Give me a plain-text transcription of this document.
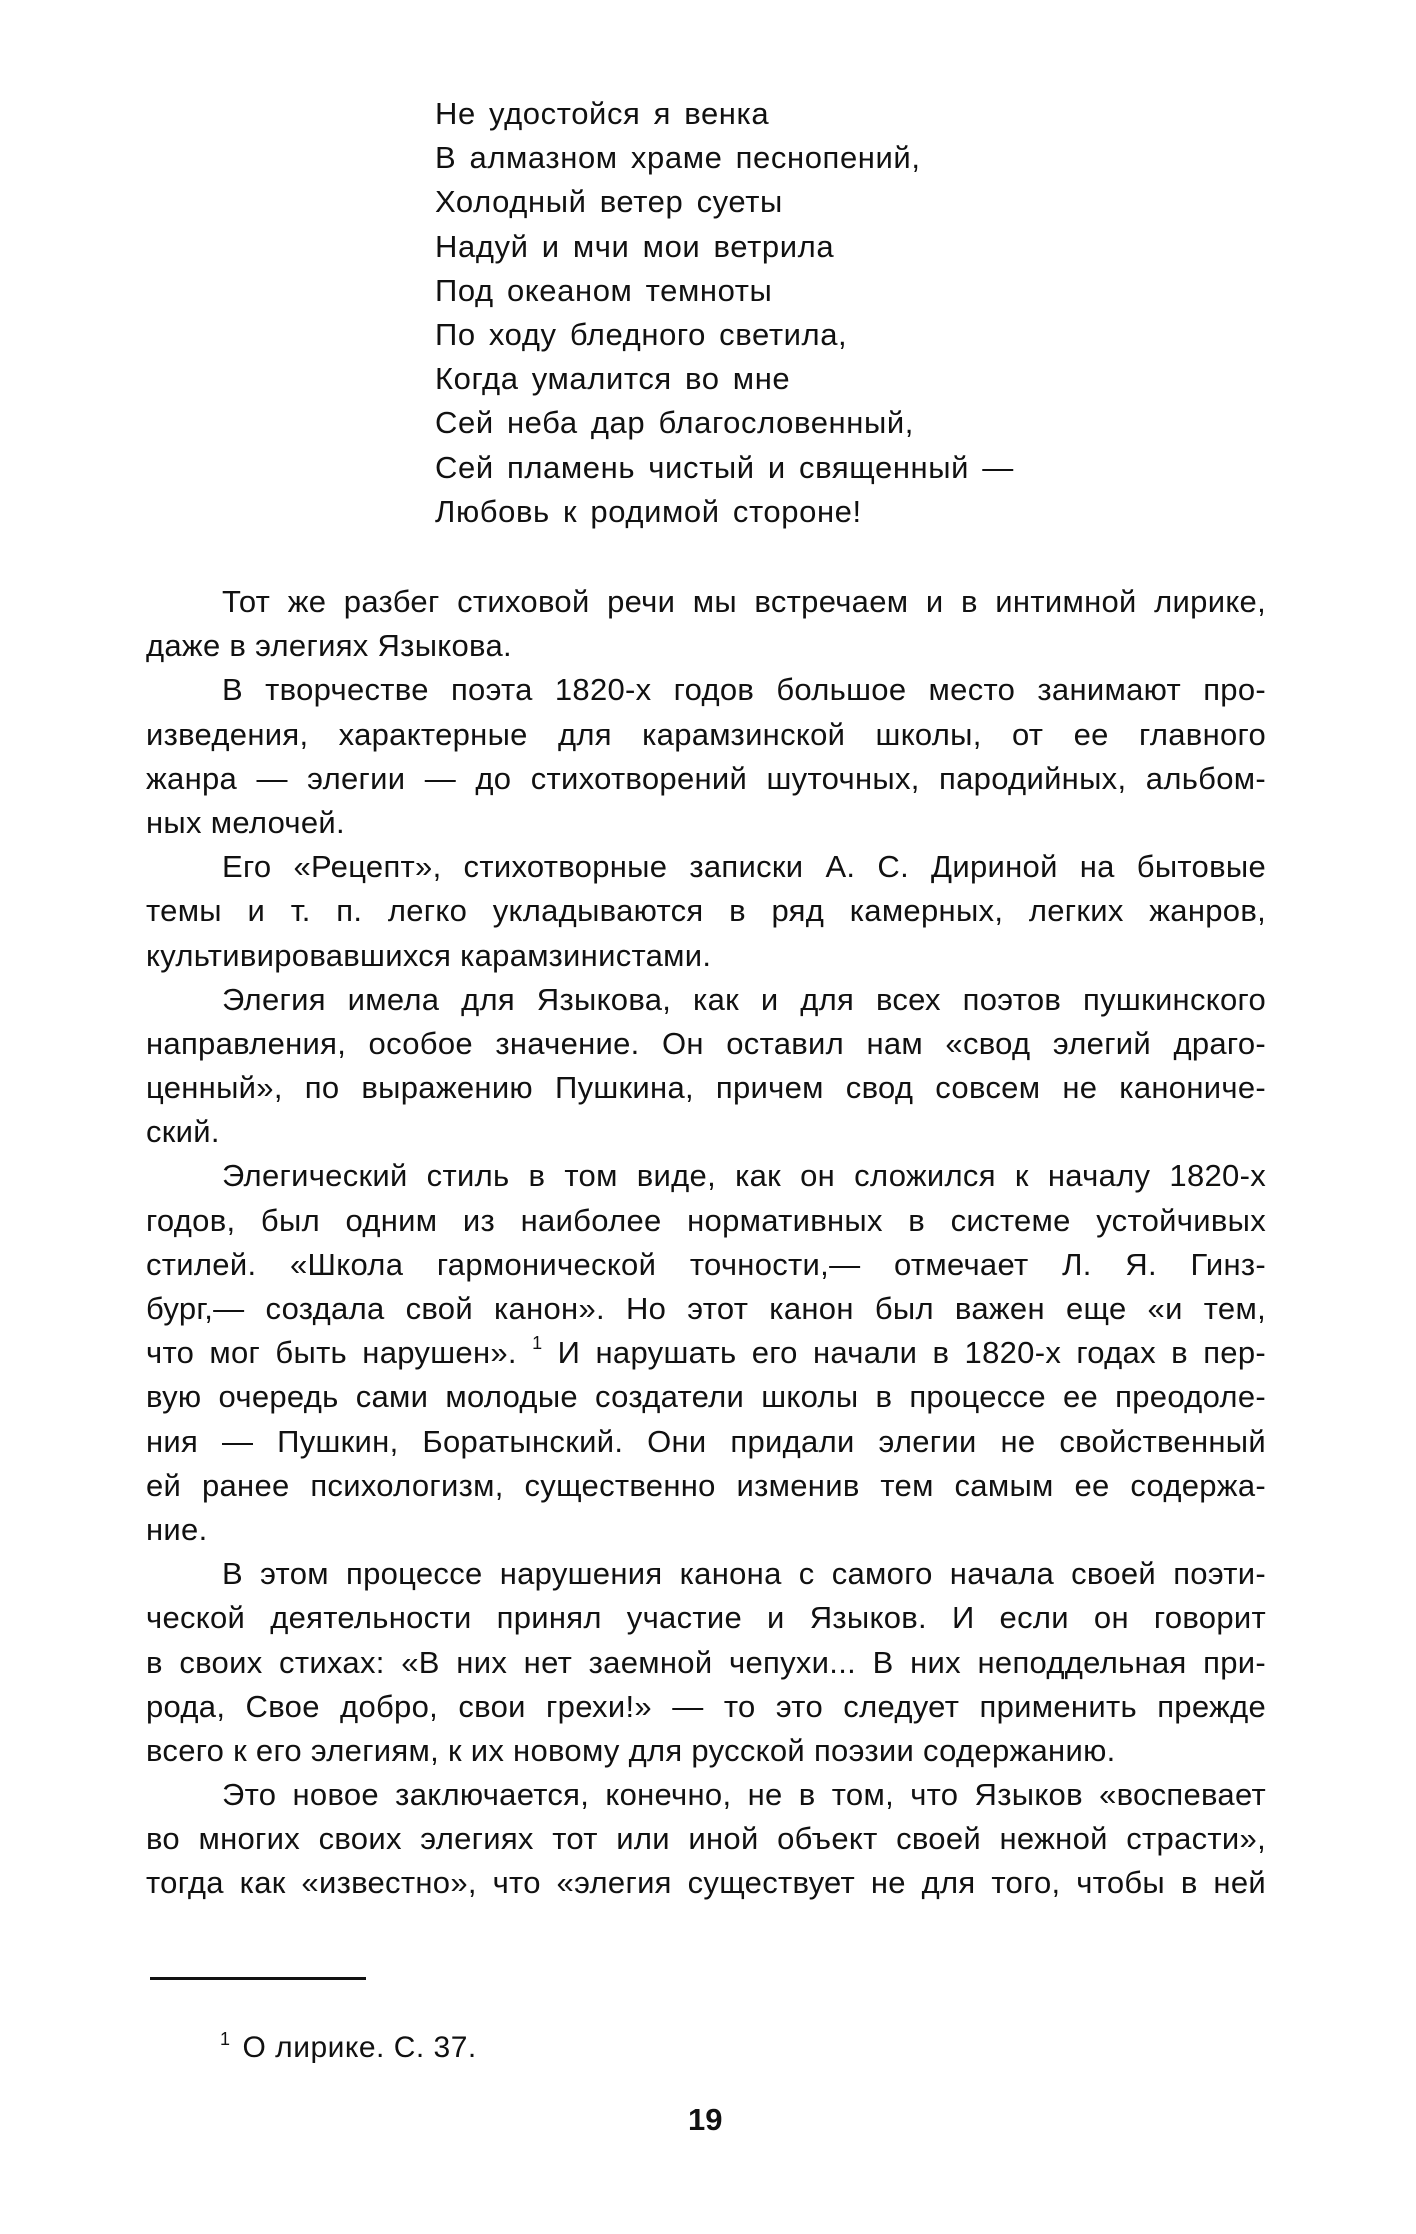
Не удостойся я венка
В алмазном храме песнопений,
Холодный ветер суеты
Надуй и мчи мои ветрила
Под океаном темноты
По ходу бледного светила,
Когда умалится во мне
Сей неба дар благословенный,
Сей пламень чистый и священный —
Любовь к родимой стороне!
Тот же разбег стиховой речи мы встречаем и в интимной лирике,
даже в элегиях Языкова.
В творчестве поэта 1820-х годов большое место занимают про-
изведения, характерные для карамзинской школы, от ее главного
жанра — элегии — до стихотворений шуточных, пародийных, альбом-
ных мелочей.
Его «Рецепт», стихотворные записки А. С. Дириной на бытовые
темы и т. п. легко укладываются в ряд камерных, легких жанров,
культивировавшихся карамзинистами.
Элегия имела для Языкова, как и для всех поэтов пушкинского
направления, особое значение. Он оставил нам «свод элегий драго-
ценный», по выражению Пушкина, причем свод совсем не канониче-
ский.
Элегический стиль в том виде, как он сложился к началу 1820-х
годов, был одним из наиболее нормативных в системе устойчивых
стилей. «Школа гармонической точности,— отмечает Л. Я. Гинз-
бург,— создала свой канон». Но этот канон был важен еще «и тем,
что мог быть нарушен». $^1$ И нарушать его начали в 1820-х годах в пер-
вую очередь сами молодые создатели школы в процессе ее преодоле-
ния — Пушкин, Боратынский. Они придали элегии не свойственный
ей ранее психологизм, существенно изменив тем самым ее содержа-
ние.
В этом процессе нарушения канона с самого начала своей поэти-
ческой деятельности принял участие и Языков. И если он говорит
в своих стихах: «В них нет заемной чепухи... В них неподдельная при-
рода, Свое добро, свои грехи!» — то это следует применить прежде
всего к его элегиям, к их новому для русской поэзии содержанию.
Это новое заключается, конечно, не в том, что Языков «воспевает
во многих своих элегиях тот или иной объект своей нежной страсти»,
тогда как «известно», что «элегия существует не для того, чтобы в ней
$^1$ О лирике. С. 37.
19
